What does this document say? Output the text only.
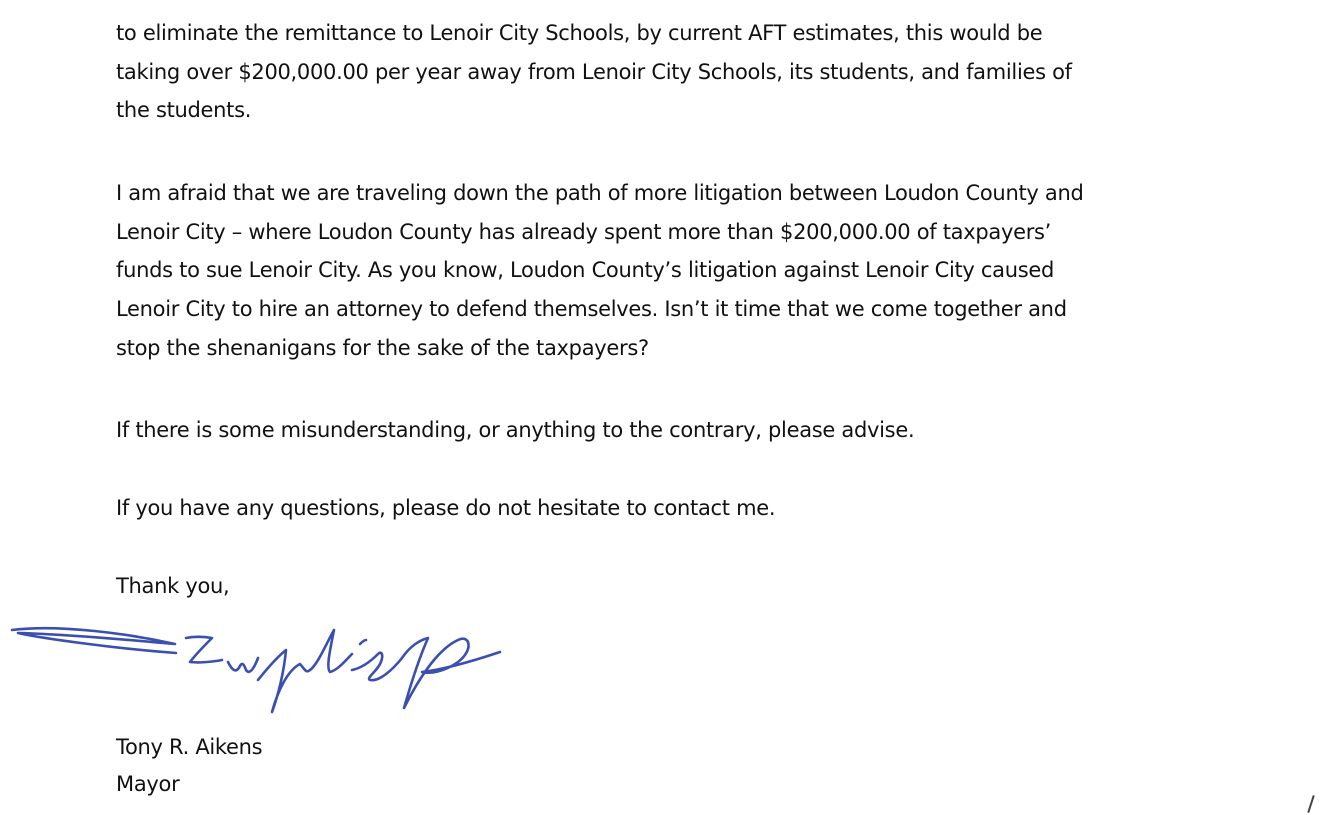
to eliminate the remittance to Lenoir City Schools, by current AFT estimates, this would be
taking over $200,000.00 per year away from Lenoir City Schools, its students, and families of
the students.
I am afraid that we are traveling down the path of more litigation between Loudon County and
Lenoir City – where Loudon County has already spent more than $200,000.00 of taxpayers’
funds to sue Lenoir City. As you know, Loudon County’s litigation against Lenoir City caused
Lenoir City to hire an attorney to defend themselves. Isn’t it time that we come together and
stop the shenanigans for the sake of the taxpayers?
If there is some misunderstanding, or anything to the contrary, please advise.
If you have any questions, please do not hesitate to contact me.
Thank you,
Tony R. Aikens
Mayor
